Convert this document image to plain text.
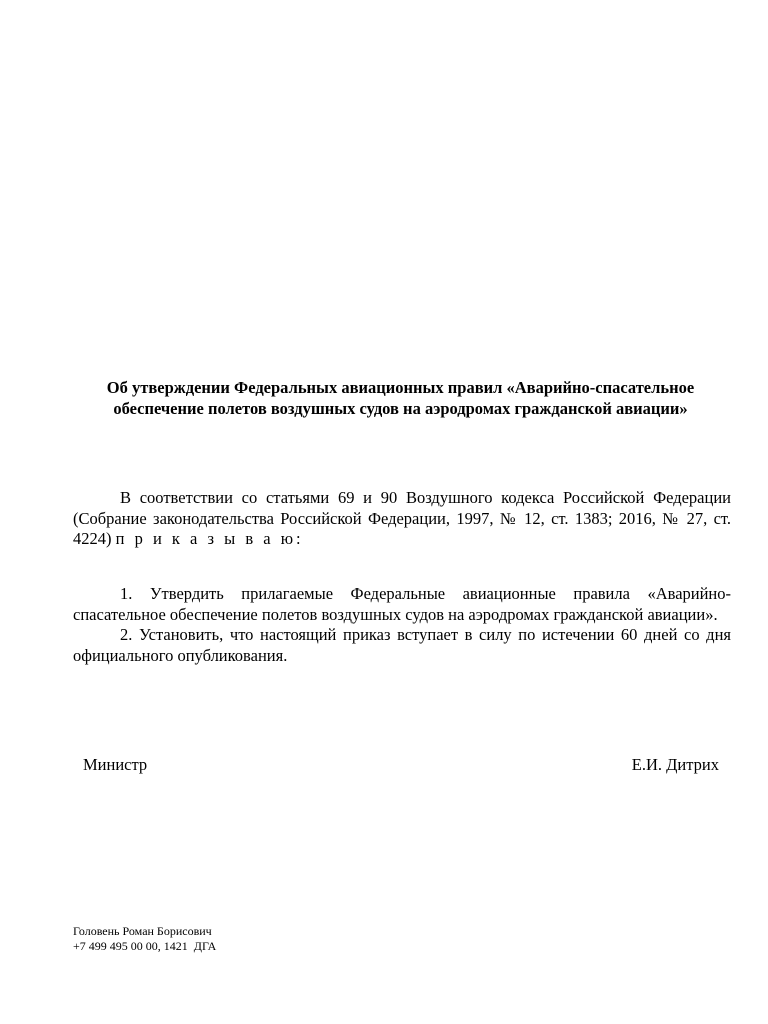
Об утверждении Федеральных авиационных правил «Аварийно-спасательное
обеспечение полетов воздушных судов на аэродромах гражданской авиации»

В соответствии со статьями 69 и 90 Воздушного кодекса Российской Федерации (Собрание законодательства Российской Федерации, 1997, № 12, ст. 1383; 2016, № 27, ст. 4224) п р и к а з ы в а ю:

1. Утвердить прилагаемые Федеральные авиационные правила «Аварийно-спасательное обеспечение полетов воздушных судов на аэродромах гражданской авиации».

2. Установить, что настоящий приказ вступает в силу по истечении 60 дней со дня официального опубликования.

Министр	Е.И. Дитрих
Головень Роман Борисович
+7 499 495 00 00, 1421  ДГА
